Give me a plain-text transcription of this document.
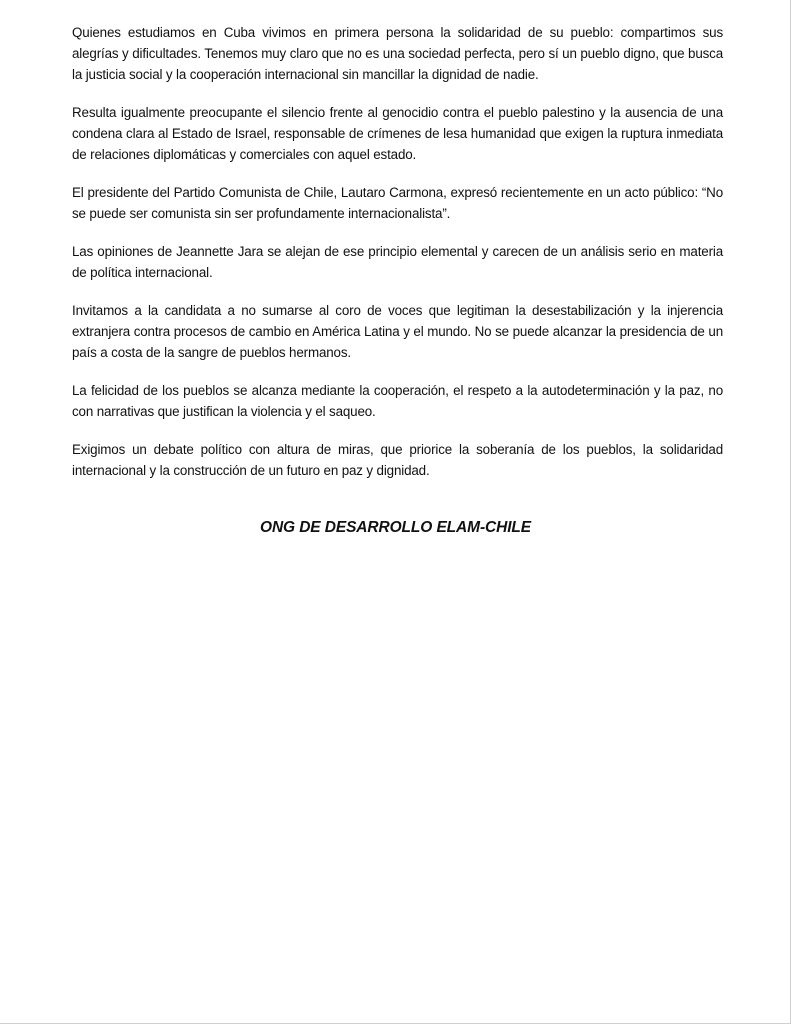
Quienes estudiamos en Cuba vivimos en primera persona la solidaridad de su pueblo: compartimos sus alegrías y dificultades. Tenemos muy claro que no es una sociedad perfecta, pero sí un pueblo digno, que busca la justicia social y la cooperación internacional sin mancillar la dignidad de nadie.

Resulta igualmente preocupante el silencio frente al genocidio contra el pueblo palestino y la ausencia de una condena clara al Estado de Israel, responsable de crímenes de lesa humanidad que exigen la ruptura inmediata de relaciones diplomáticas y comerciales con aquel estado.

El presidente del Partido Comunista de Chile, Lautaro Carmona, expresó recientemente en un acto público: “No se puede ser comunista sin ser profundamente internacionalista”.

Las opiniones de Jeannette Jara se alejan de ese principio elemental y carecen de un análisis serio en materia de política internacional.

Invitamos a la candidata a no sumarse al coro de voces que legitiman la desestabilización y la injerencia extranjera contra procesos de cambio en América Latina y el mundo. No se puede alcanzar la presidencia de un país a costa de la sangre de pueblos hermanos.

La felicidad de los pueblos se alcanza mediante la cooperación, el respeto a la autodeterminación y la paz, no con narrativas que justifican la violencia y el saqueo.

Exigimos un debate político con altura de miras, que priorice la soberanía de los pueblos, la solidaridad internacional y la construcción de un futuro en paz y dignidad.

ONG DE DESARROLLO ELAM-CHILE
